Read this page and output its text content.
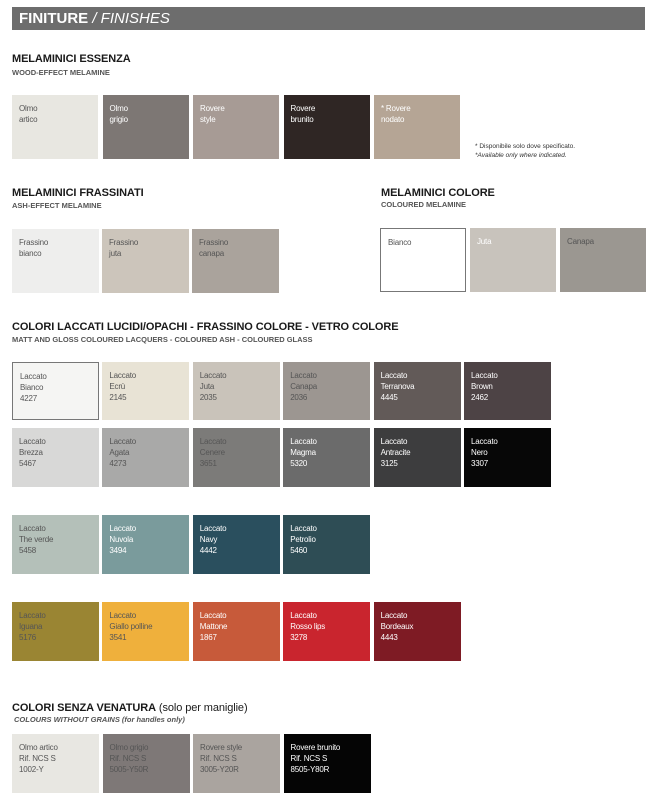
FINITURE / FINISHES
MELAMINICI ESSENZA
WOOD-EFFECT MELAMINE
MELAMINICI FRASSINATI
ASH-EFFECT MELAMINE
MELAMINICI COLORE
COLOURED MELAMINE
COLORI LACCATI LUCIDI/OPACHI - FRASSINO COLORE - VETRO COLORE
MATT AND GLOSS COLOURED LACQUERS - COLOURED ASH - COLOURED GLASS
COLORI SENZA VENATURA (solo per maniglie)
COLOURS WITHOUT GRAINS (for handles only)
* Disponibile solo dove specificato.
*Available only where indicated.
Olmo
artico
Olmo
grigio
Rovere
style
Rovere
brunito
* Rovere
nodato
Frassino
bianco
Frassino
juta
Frassino
canapa
Bianco	Juta	Canapa
Laccato
Bianco
4227
Laccato
Ecrù
2145
Laccato
Juta
2035
Laccato
Canapa
2036
Laccato
Terranova
4445
Laccato
Brown
2462
Laccato
Brezza
5467
Laccato
Agata
4273
Laccato
Cenere
3651
Laccato
Magma
5320
Laccato
Antracite
3125
Laccato
Nero
3307
Laccato
The verde
5458
Laccato
Nuvola
3494
Laccato
Navy
4442
Laccato
Petrolio
5460
Laccato
Iguana
5176
Laccato
Giallo polline
3541
Laccato
Mattone
1867
Laccato
Rosso lips
3278
Laccato
Bordeaux
4443
Olmo artico
Rif. NCS S
1002-Y
Olmo grigio
Rif. NCS S
5005-Y50R
Rovere style
Rif. NCS S
3005-Y20R
Rovere brunito
Rif. NCS S
8505-Y80R
